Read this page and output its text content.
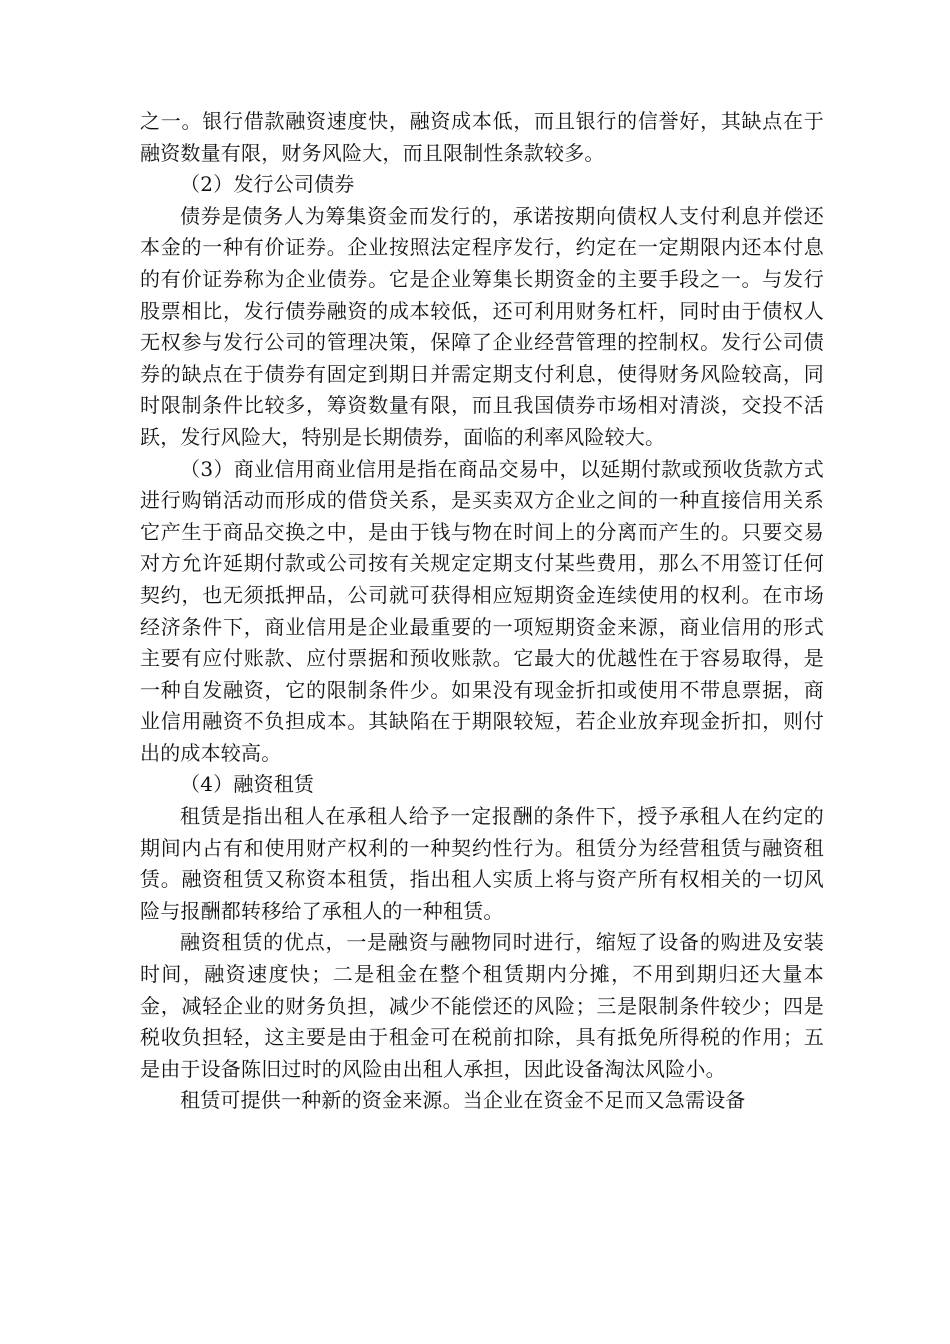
之一。银行借款融资速度快，融资成本低，而且银行的信誉好，其缺点在于融资数量有限，财务风险大，而且限制性条款较多。

（2）发行公司债券

债券是债务人为筹集资金而发行的，承诺按期向债权人支付利息并偿还本金的一种有价证券。企业按照法定程序发行，约定在一定期限内还本付息的有价证券称为企业债券。它是企业筹集长期资金的主要手段之一。与发行股票相比，发行债券融资的成本较低，还可利用财务杠杆，同时由于债权人无权参与发行公司的管理决策，保障了企业经营管理的控制权。发行公司债券的缺点在于债券有固定到期日并需定期支付利息，使得财务风险较高，同时限制条件比较多，筹资数量有限，而且我国债券市场相对清淡，交投不活跃，发行风险大，特别是长期债券，面临的利率风险较大。

（3）商业信用商业信用是指在商品交易中，以延期付款或预收货款方式进行购销活动而形成的借贷关系，是买卖双方企业之间的一种直接信用关系它产生于商品交换之中，是由于钱与物在时间上的分离而产生的。只要交易对方允许延期付款或公司按有关规定定期支付某些费用，那么不用签订任何契约，也无须抵押品，公司就可获得相应短期资金连续使用的权利。在市场经济条件下，商业信用是企业最重要的一项短期资金来源，商业信用的形式主要有应付账款、应付票据和预收账款。它最大的优越性在于容易取得，是一种自发融资，它的限制条件少。如果没有现金折扣或使用不带息票据，商业信用融资不负担成本。其缺陷在于期限较短，若企业放弃现金折扣，则付出的成本较高。

（4）融资租赁

租赁是指出租人在承租人给予一定报酬的条件下，授予承租人在约定的期间内占有和使用财产权利的一种契约性行为。租赁分为经营租赁与融资租赁。融资租赁又称资本租赁，指出租人实质上将与资产所有权相关的一切风险与报酬都转移给了承租人的一种租赁。

融资租赁的优点，一是融资与融物同时进行，缩短了设备的购进及安装时间，融资速度快；二是租金在整个租赁期内分摊，不用到期归还大量本金，减轻企业的财务负担，减少不能偿还的风险；三是限制条件较少；四是税收负担轻，这主要是由于租金可在税前扣除，具有抵免所得税的作用；五是由于设备陈旧过时的风险由出租人承担，因此设备淘汰风险小。

租赁可提供一种新的资金来源。当企业在资金不足而又急需设备
